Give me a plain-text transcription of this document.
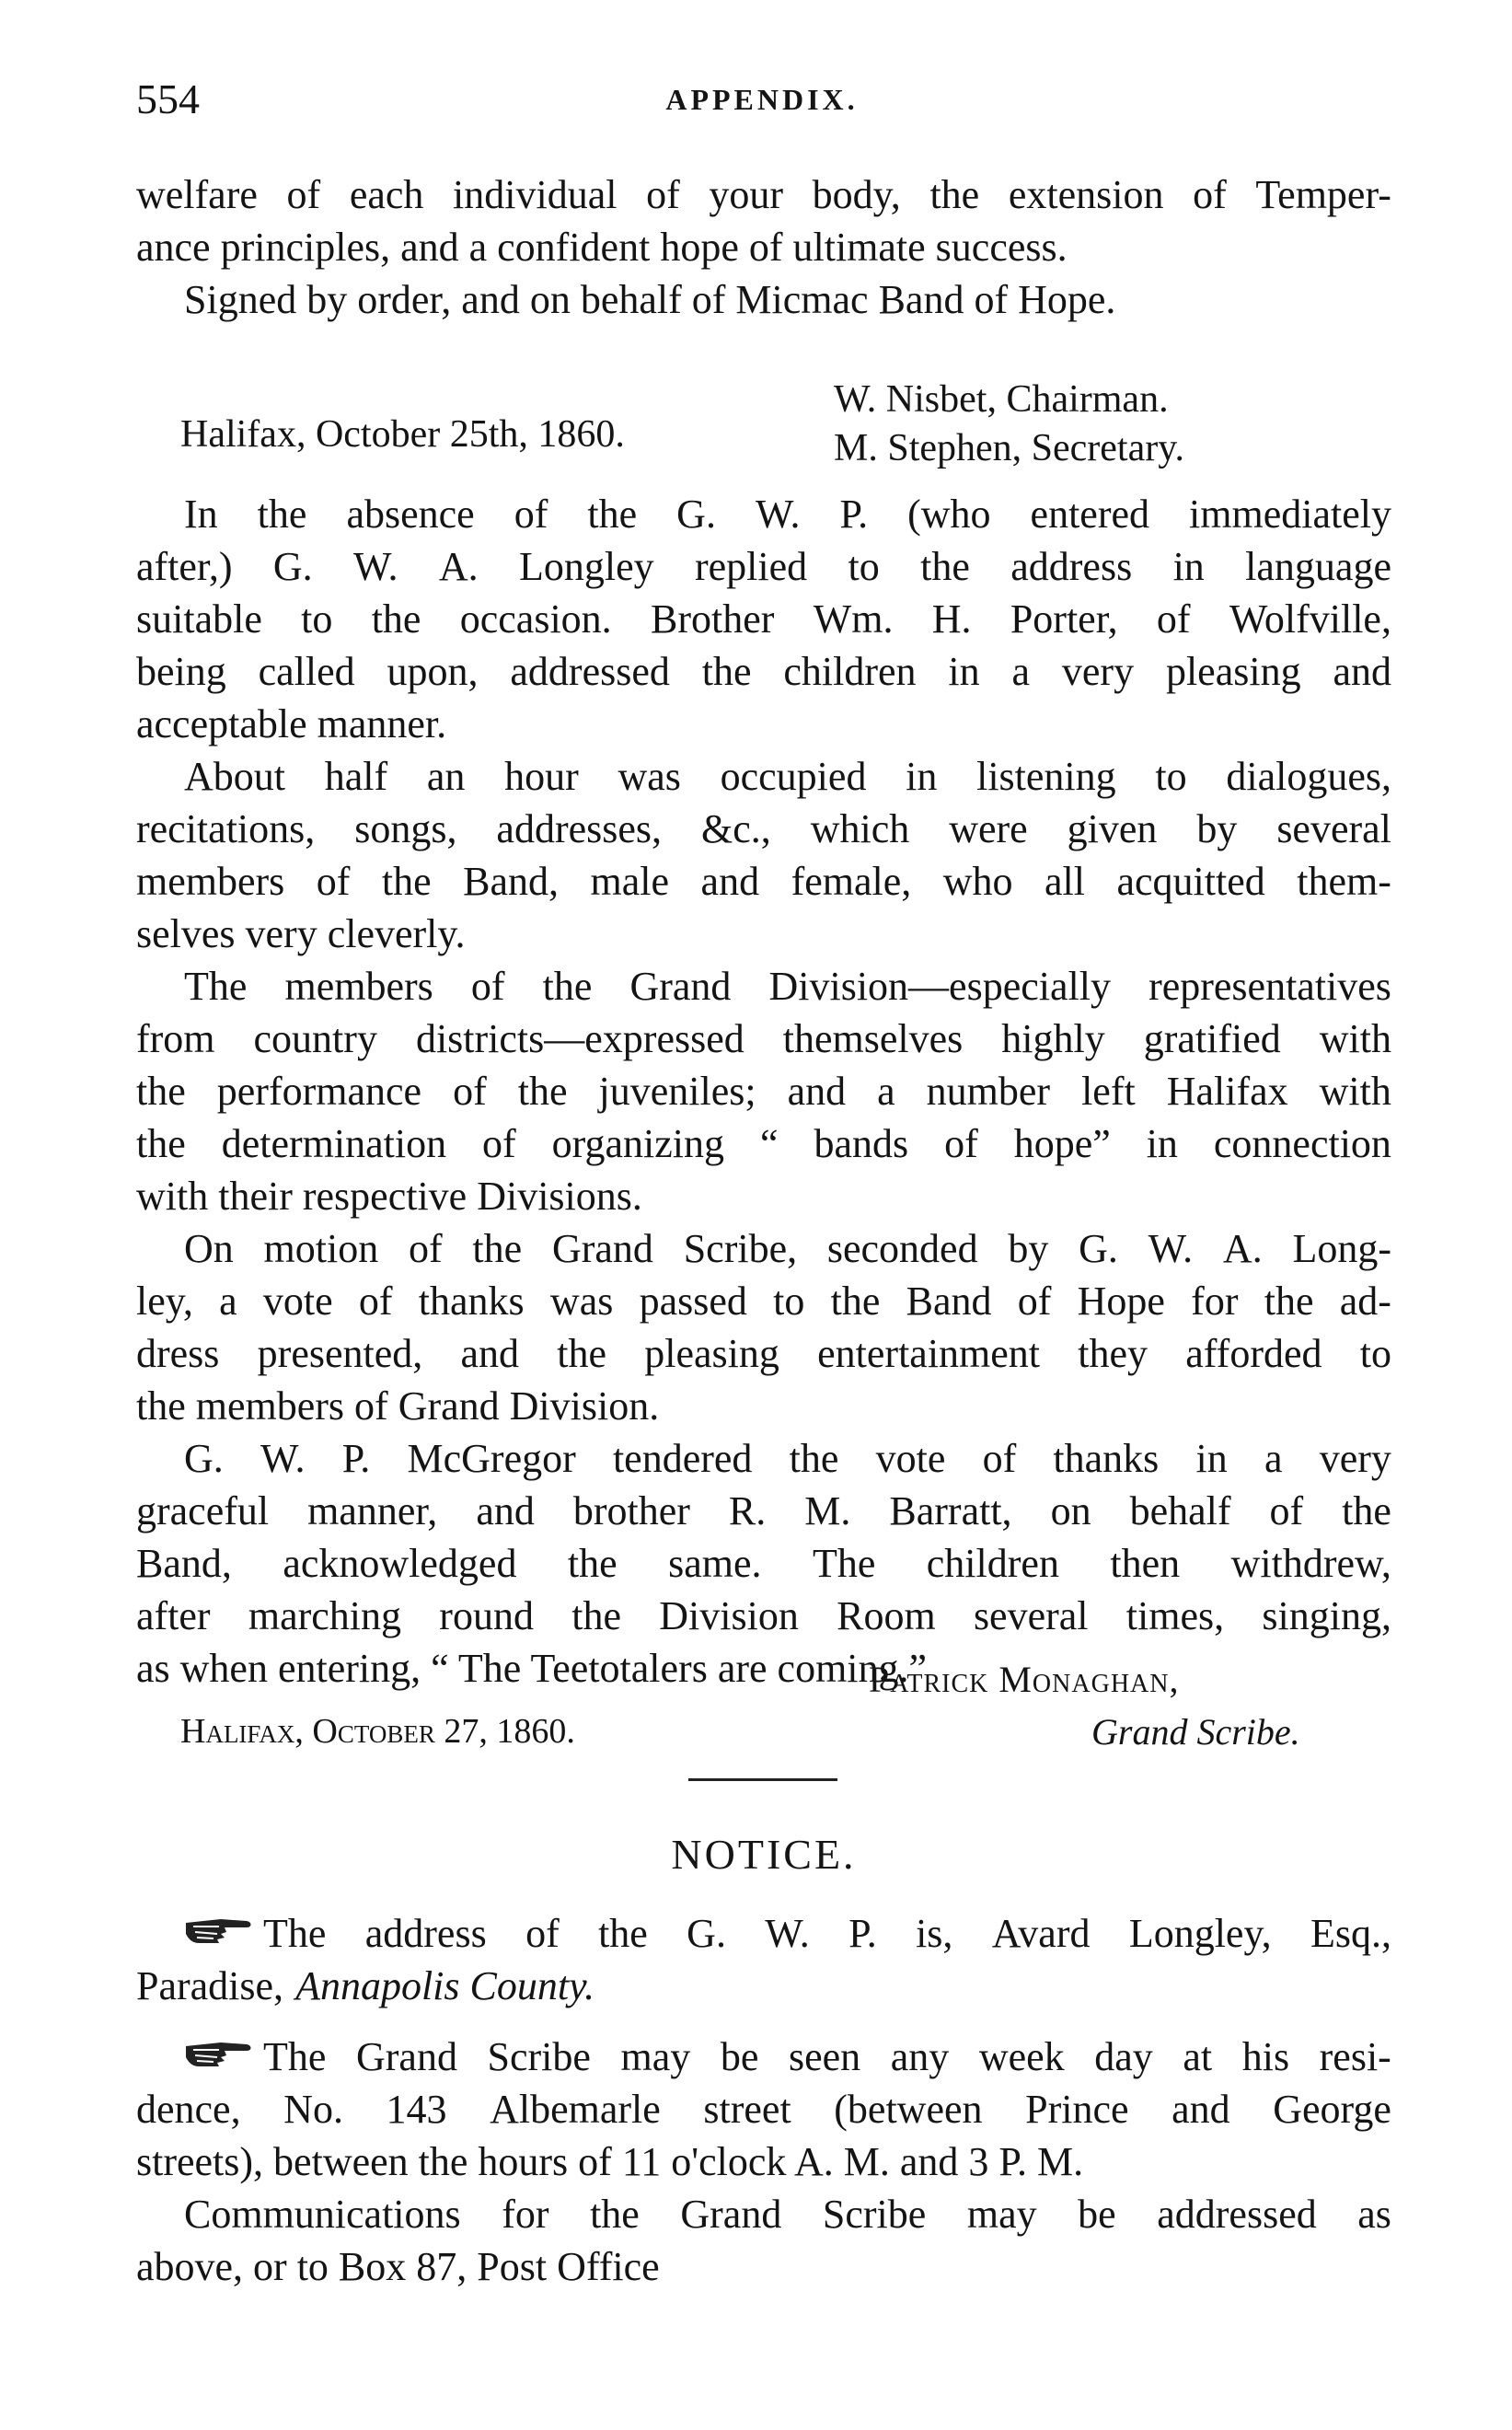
554	APPENDIX.
welfare of each individual of your body, the extension of Temper-
ance principles, and a confident hope of ultimate success.
Signed by order, and on behalf of Micmac Band of Hope.
W. Nisbet, Chairman.
M. Stephen, Secretary.
Halifax, October 25th, 1860.
In the absence of the G. W. P. (who entered immediately
after,) G. W. A. Longley replied to the address in language
suitable to the occasion. Brother Wm. H. Porter, of Wolfville,
being called upon, addressed the children in a very pleasing and
acceptable manner.
About half an hour was occupied in listening to dialogues,
recitations, songs, addresses, &c., which were given by several
members of the Band, male and female, who all acquitted them-
selves very cleverly.
The members of the Grand Division—especially representatives
from country districts—expressed themselves highly gratified with
the performance of the juveniles; and a number left Halifax with
the determination of organizing “ bands of hope” in connection
with their respective Divisions.
On motion of the Grand Scribe, seconded by G. W. A. Long-
ley, a vote of thanks was passed to the Band of Hope for the ad-
dress presented, and the pleasing entertainment they afforded to
the members of Grand Division.
G. W. P. McGregor tendered the vote of thanks in a very
graceful manner, and brother R. M. Barratt, on behalf of the
Band, acknowledged the same. The children then withdrew,
after marching round the Division Room several times, singing,
as when entering, “ The Teetotalers are coming.”
Patrick Monaghan,
Halifax, October 27, 1860.	Grand Scribe.
NOTICE.
The address of the G. W. P. is, Avard Longley, Esq.,
Paradise, Annapolis County.
The Grand Scribe may be seen any week day at his resi-
dence, No. 143 Albemarle street (between Prince and George
streets), between the hours of 11 o'clock A. M. and 3 P. M.
Communications for the Grand Scribe may be addressed as
above, or to Box 87, Post Office
